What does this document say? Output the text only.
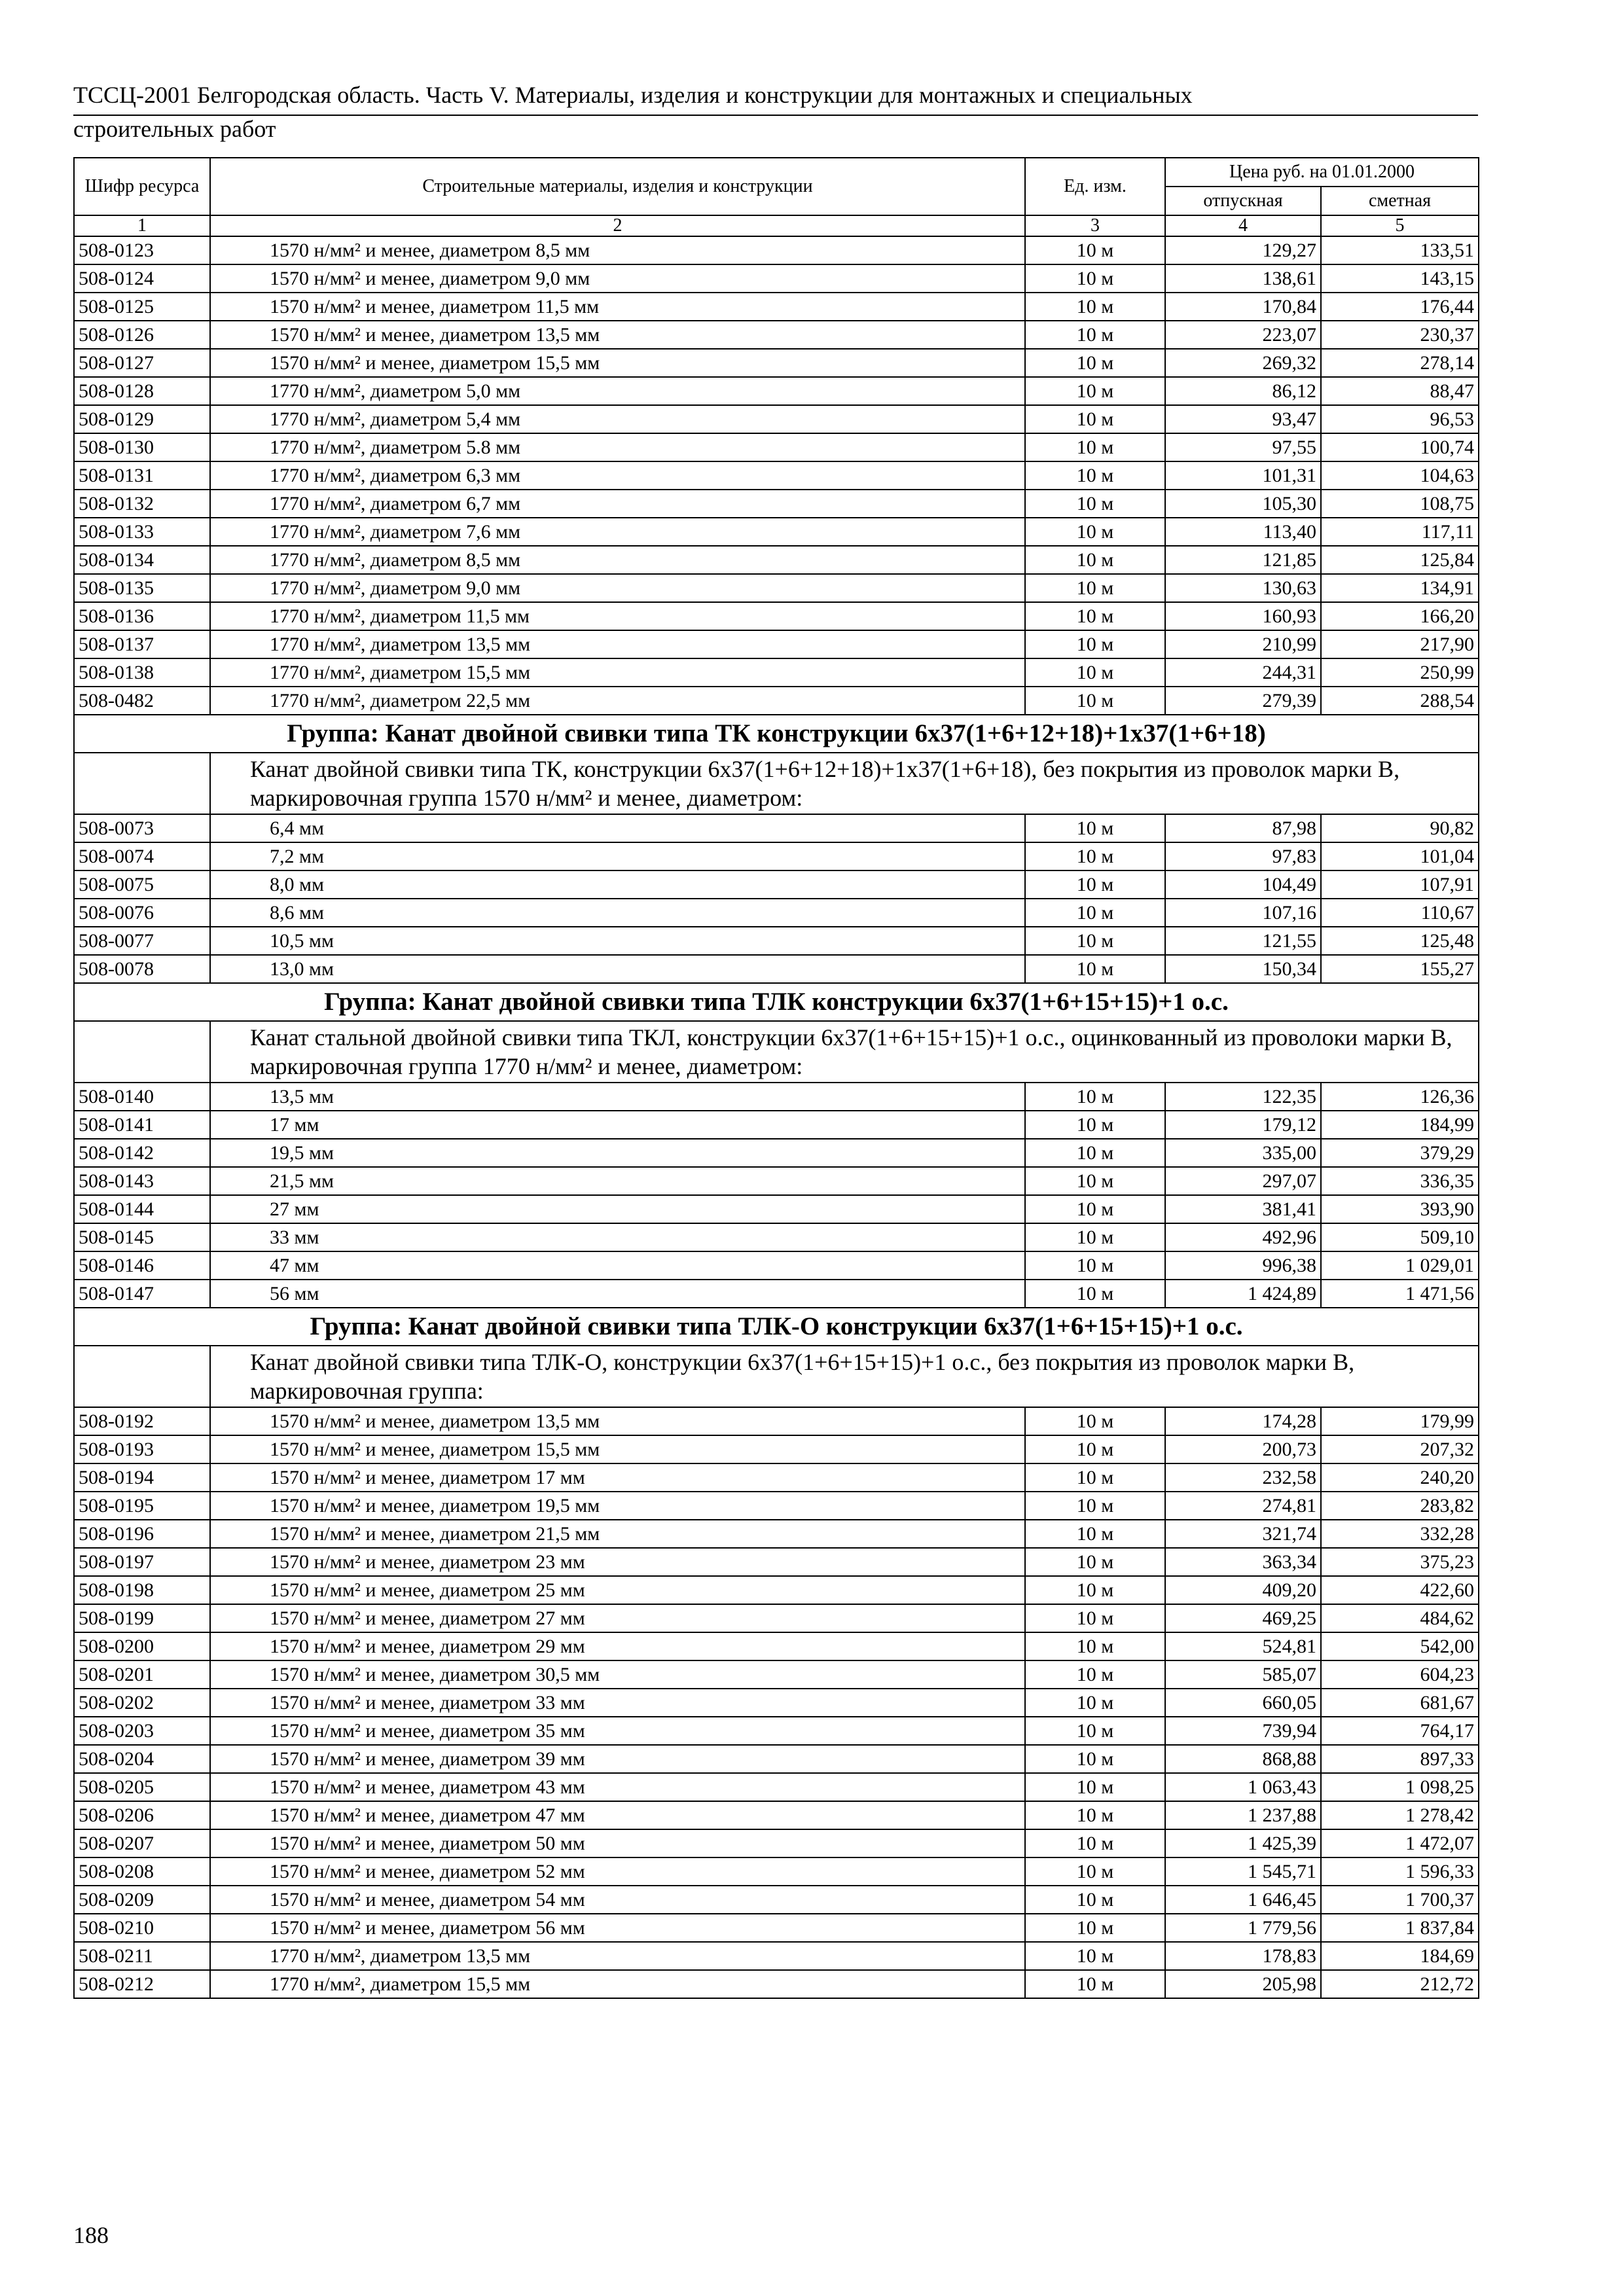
ТССЦ-2001 Белгородская область. Часть V. Материалы, изделия и конструкции для монтажных и специальных
строительных работ
Шифр ресурса	Строительные материалы, изделия и конструкции	Ед. изм.	Цена руб. на 01.01.2000	
			отпускная	сметная
1	2	3	4	5
508-0123	1570 н/мм² и менее, диаметром 8,5 мм	10 м	129,27	133,51
508-0124	1570 н/мм² и менее, диаметром 9,0 мм	10 м	138,61	143,15
508-0125	1570 н/мм² и менее, диаметром 11,5 мм	10 м	170,84	176,44
508-0126	1570 н/мм² и менее, диаметром 13,5 мм	10 м	223,07	230,37
508-0127	1570 н/мм² и менее, диаметром 15,5 мм	10 м	269,32	278,14
508-0128	1770 н/мм², диаметром 5,0 мм	10 м	86,12	88,47
508-0129	1770 н/мм², диаметром 5,4 мм	10 м	93,47	96,53
508-0130	1770 н/мм², диаметром 5.8 мм	10 м	97,55	100,74
508-0131	1770 н/мм², диаметром 6,3 мм	10 м	101,31	104,63
508-0132	1770 н/мм², диаметром 6,7 мм	10 м	105,30	108,75
508-0133	1770 н/мм², диаметром 7,6 мм	10 м	113,40	117,11
508-0134	1770 н/мм², диаметром 8,5 мм	10 м	121,85	125,84
508-0135	1770 н/мм², диаметром 9,0 мм	10 м	130,63	134,91
508-0136	1770 н/мм², диаметром 11,5 мм	10 м	160,93	166,20
508-0137	1770 н/мм², диаметром 13,5 мм	10 м	210,99	217,90
508-0138	1770 н/мм², диаметром 15,5 мм	10 м	244,31	250,99
508-0482	1770 н/мм², диаметром 22,5 мм	10 м	279,39	288,54
Группа: Канат двойной свивки типа ТК конструкции 6х37(1+6+12+18)+1х37(1+6+18)				
	Канат двойной свивки типа ТК, конструкции 6х37(1+6+12+18)+1х37(1+6+18), без покрытия из проволок марки В, маркировочная группа 1570 н/мм² и менее, диаметром:			
508-0073	6,4 мм	10 м	87,98	90,82
508-0074	7,2 мм	10 м	97,83	101,04
508-0075	8,0 мм	10 м	104,49	107,91
508-0076	8,6 мм	10 м	107,16	110,67
508-0077	10,5 мм	10 м	121,55	125,48
508-0078	13,0 мм	10 м	150,34	155,27
Группа: Канат двойной свивки типа ТЛК конструкции 6х37(1+6+15+15)+1 о.с.				
	Канат стальной двойной свивки типа ТКЛ, конструкции 6х37(1+6+15+15)+1 о.с., оцинкованный из проволоки марки В, маркировочная группа 1770 н/мм² и менее, диаметром:			
508-0140	13,5 мм	10 м	122,35	126,36
508-0141	17 мм	10 м	179,12	184,99
508-0142	19,5 мм	10 м	335,00	379,29
508-0143	21,5 мм	10 м	297,07	336,35
508-0144	27 мм	10 м	381,41	393,90
508-0145	33 мм	10 м	492,96	509,10
508-0146	47 мм	10 м	996,38	1 029,01
508-0147	56 мм	10 м	1 424,89	1 471,56
Группа: Канат двойной свивки типа ТЛК-О конструкции 6х37(1+6+15+15)+1 о.с.				
	Канат двойной свивки типа ТЛК-О, конструкции 6х37(1+6+15+15)+1 о.с., без покрытия из проволок марки В, маркировочная группа:			
508-0192	1570 н/мм² и менее, диаметром 13,5 мм	10 м	174,28	179,99
508-0193	1570 н/мм² и менее, диаметром 15,5 мм	10 м	200,73	207,32
508-0194	1570 н/мм² и менее, диаметром 17 мм	10 м	232,58	240,20
508-0195	1570 н/мм² и менее, диаметром 19,5 мм	10 м	274,81	283,82
508-0196	1570 н/мм² и менее, диаметром 21,5 мм	10 м	321,74	332,28
508-0197	1570 н/мм² и менее, диаметром 23 мм	10 м	363,34	375,23
508-0198	1570 н/мм² и менее, диаметром 25 мм	10 м	409,20	422,60
508-0199	1570 н/мм² и менее, диаметром 27 мм	10 м	469,25	484,62
508-0200	1570 н/мм² и менее, диаметром 29 мм	10 м	524,81	542,00
508-0201	1570 н/мм² и менее, диаметром 30,5 мм	10 м	585,07	604,23
508-0202	1570 н/мм² и менее, диаметром 33 мм	10 м	660,05	681,67
508-0203	1570 н/мм² и менее, диаметром 35 мм	10 м	739,94	764,17
508-0204	1570 н/мм² и менее, диаметром 39 мм	10 м	868,88	897,33
508-0205	1570 н/мм² и менее, диаметром 43 мм	10 м	1 063,43	1 098,25
508-0206	1570 н/мм² и менее, диаметром 47 мм	10 м	1 237,88	1 278,42
508-0207	1570 н/мм² и менее, диаметром 50 мм	10 м	1 425,39	1 472,07
508-0208	1570 н/мм² и менее, диаметром 52 мм	10 м	1 545,71	1 596,33
508-0209	1570 н/мм² и менее, диаметром 54 мм	10 м	1 646,45	1 700,37
508-0210	1570 н/мм² и менее, диаметром 56 мм	10 м	1 779,56	1 837,84
508-0211	1770 н/мм², диаметром 13,5 мм	10 м	178,83	184,69
508-0212	1770 н/мм², диаметром 15,5 мм	10 м	205,98	212,72
188
